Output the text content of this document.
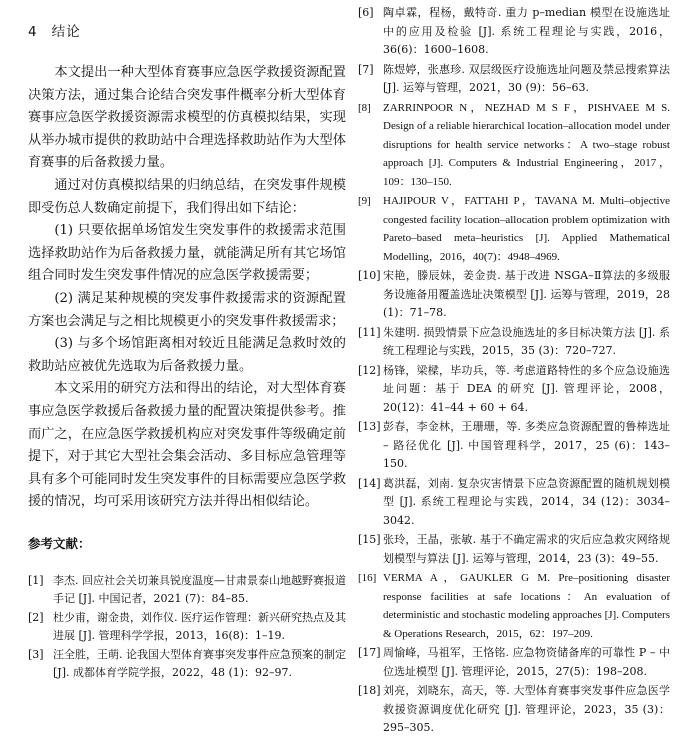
4 结论

本文提出一种大型体育赛事应急医学救援资源配置决策方法，通过集合论结合突发事件概率分析大型体育赛事应急医学救援资源需求模型的仿真模拟结果，实现从举办城市提供的救助站中合理选择救助站作为大型体育赛事的后备救援力量。

通过对仿真模拟结果的归纳总结，在突发事件规模即受伤总人数确定前提下，我们得出如下结论：

(1) 只要依据单场馆发生突发事件的救援需求范围选择救助站作为后备救援力量，就能满足所有其它场馆组合同时发生突发事件情况的应急医学救援需要；

(2) 满足某种规模的突发事件救援需求的资源配置方案也会满足与之相比规模更小的突发事件救援需求；

(3) 与多个场馆距离相对较近且能满足急救时效的救助站应被优先选取为后备救援力量。

本文采用的研究方法和得出的结论，对大型体育赛事应急医学救援后备救援力量的配置决策提供参考。推而广之，在应急医学救援机构应对突发事件等级确定前提下，对于其它大型社会集会活动、多目标应急管理等具有多个可能同时发生突发事件的目标需要应急医学救援的情况，均可采用该研究方法并得出相似结论。

参考文献：
[1] 李杰. 回应社会关切兼具锐度温度—甘肃景泰山地越野赛报道手记 [J]. 中国记者，2021 (7)：84–85.
[2] 杜少甫，谢金贵，刘作仪. 医疗运作管理：新兴研究热点及其进展 [J]. 管理科学学报，2013，16(8)：1–19.
[3] 汪全胜，王萌. 论我国大型体育赛事突发事件应急预案的制定 [J]. 成都体育学院学报，2022，48 (1)：92–97.
[6] 陶卓霖，程杨，戴特奇. 重力 p–median 模型在设施选址中的应用及检验 [J]. 系统工程理论与实践，2016，36(6)：1600–1608.
[7] 陈煜婷，张惠珍. 双层级医疗设施选址问题及禁忌搜索算法 [J]. 运筹与管理，2021，30 (9)：56–63.
[8] ZARRINPOOR N，NEZHAD M S F，PISHVAEE M S. Design of a reliable hierarchical location–allocation model under disruptions for health service networks：A two–stage robust approach [J]. Computers & Industrial Engineering，2017，109：130–150.
[9] HAJIPOUR V，FATTAHI P，TAVANA M. Multi–objective congested facility location–allocation problem optimization with Pareto–based meta–heuristics [J]. Applied Mathematical Modelling，2016，40(7)：4948–4969.
[10] 宋艳，滕辰妹，姜金贵. 基于改进 NSGA–Ⅱ算法的多级服务设施备用覆盖选址决策模型 [J]. 运筹与管理，2019，28 (1)：71–78.
[11] 朱建明. 损毁情景下应急设施选址的多目标决策方法 [J]. 系统工程理论与实践，2015，35 (3)：720–727.
[12] 杨锋，梁樑，毕功兵，等. 考虑道路特性的多个应急设施选址问题：基于 DEA 的研究 [J]. 管理评论，2008，20(12)：41–44 + 60 + 64.
[13] 彭春，李金林，王珊珊，等. 多类应急资源配置的鲁棒选址 – 路径优化 [J]. 中国管理科学，2017，25 (6)：143–150.
[14] 葛洪磊，刘南. 复杂灾害情景下应急资源配置的随机规划模型 [J]. 系统工程理论与实践，2014，34 (12)：3034–3042.
[15] 张玲，王晶，张敏. 基于不确定需求的灾后应急救灾网络规划模型与算法 [J]. 运筹与管理，2014，23 (3)：49–55.
[16] VERMA A，GAUKLER G M. Pre–positioning disaster response facilities at safe locations：An evaluation of deterministic and stochastic modeling approaches [J]. Computers & Operations Research，2015，62：197–209.
[17] 周愉峰，马祖军，王恪铭. 应急物资储备库的可靠性 P – 中位选址模型 [J]. 管理评论，2015，27(5)：198–208.
[18] 刘亮，刘晓东，高天，等. 大型体育赛事突发事件应急医学救援资源调度优化研究 [J]. 管理评论，2023，35 (3)：295–305.
